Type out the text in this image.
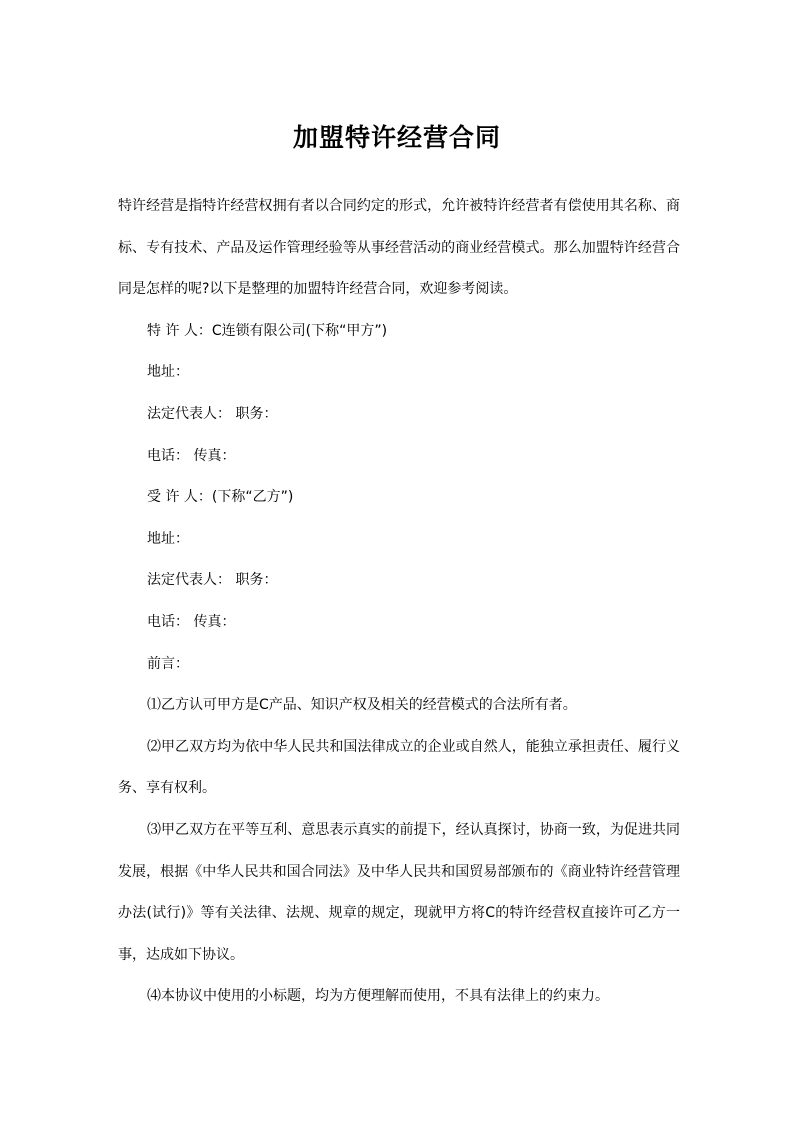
加盟特许经营合同

特许经营是指特许经营权拥有者以合同约定的形式，允许被特许经营者有偿使用其名称、商标、专有技术、产品及运作管理经验等从事经营活动的商业经营模式。那么加盟特许经营合同是怎样的呢?以下是整理的加盟特许经营合同，欢迎参考阅读。

特 许 人：C连锁有限公司(下称“甲方”)

地址：

法定代表人： 职务：

电话： 传真：

受 许 人：(下称“乙方”)

地址：

法定代表人： 职务：

电话： 传真：

前言：

⑴乙方认可甲方是C产品、知识产权及相关的经营模式的合法所有者。

⑵甲乙双方均为依中华人民共和国法律成立的企业或自然人，能独立承担责任、履行义务、享有权利。

⑶甲乙双方在平等互利、意思表示真实的前提下，经认真探讨，协商一致，为促进共同发展，根据《中华人民共和国合同法》及中华人民共和国贸易部颁布的《商业特许经营管理办法(试行)》等有关法律、法规、规章的规定，现就甲方将C的特许经营权直接许可乙方一事，达成如下协议。

⑷本协议中使用的小标题，均为方便理解而使用，不具有法律上的约束力。
